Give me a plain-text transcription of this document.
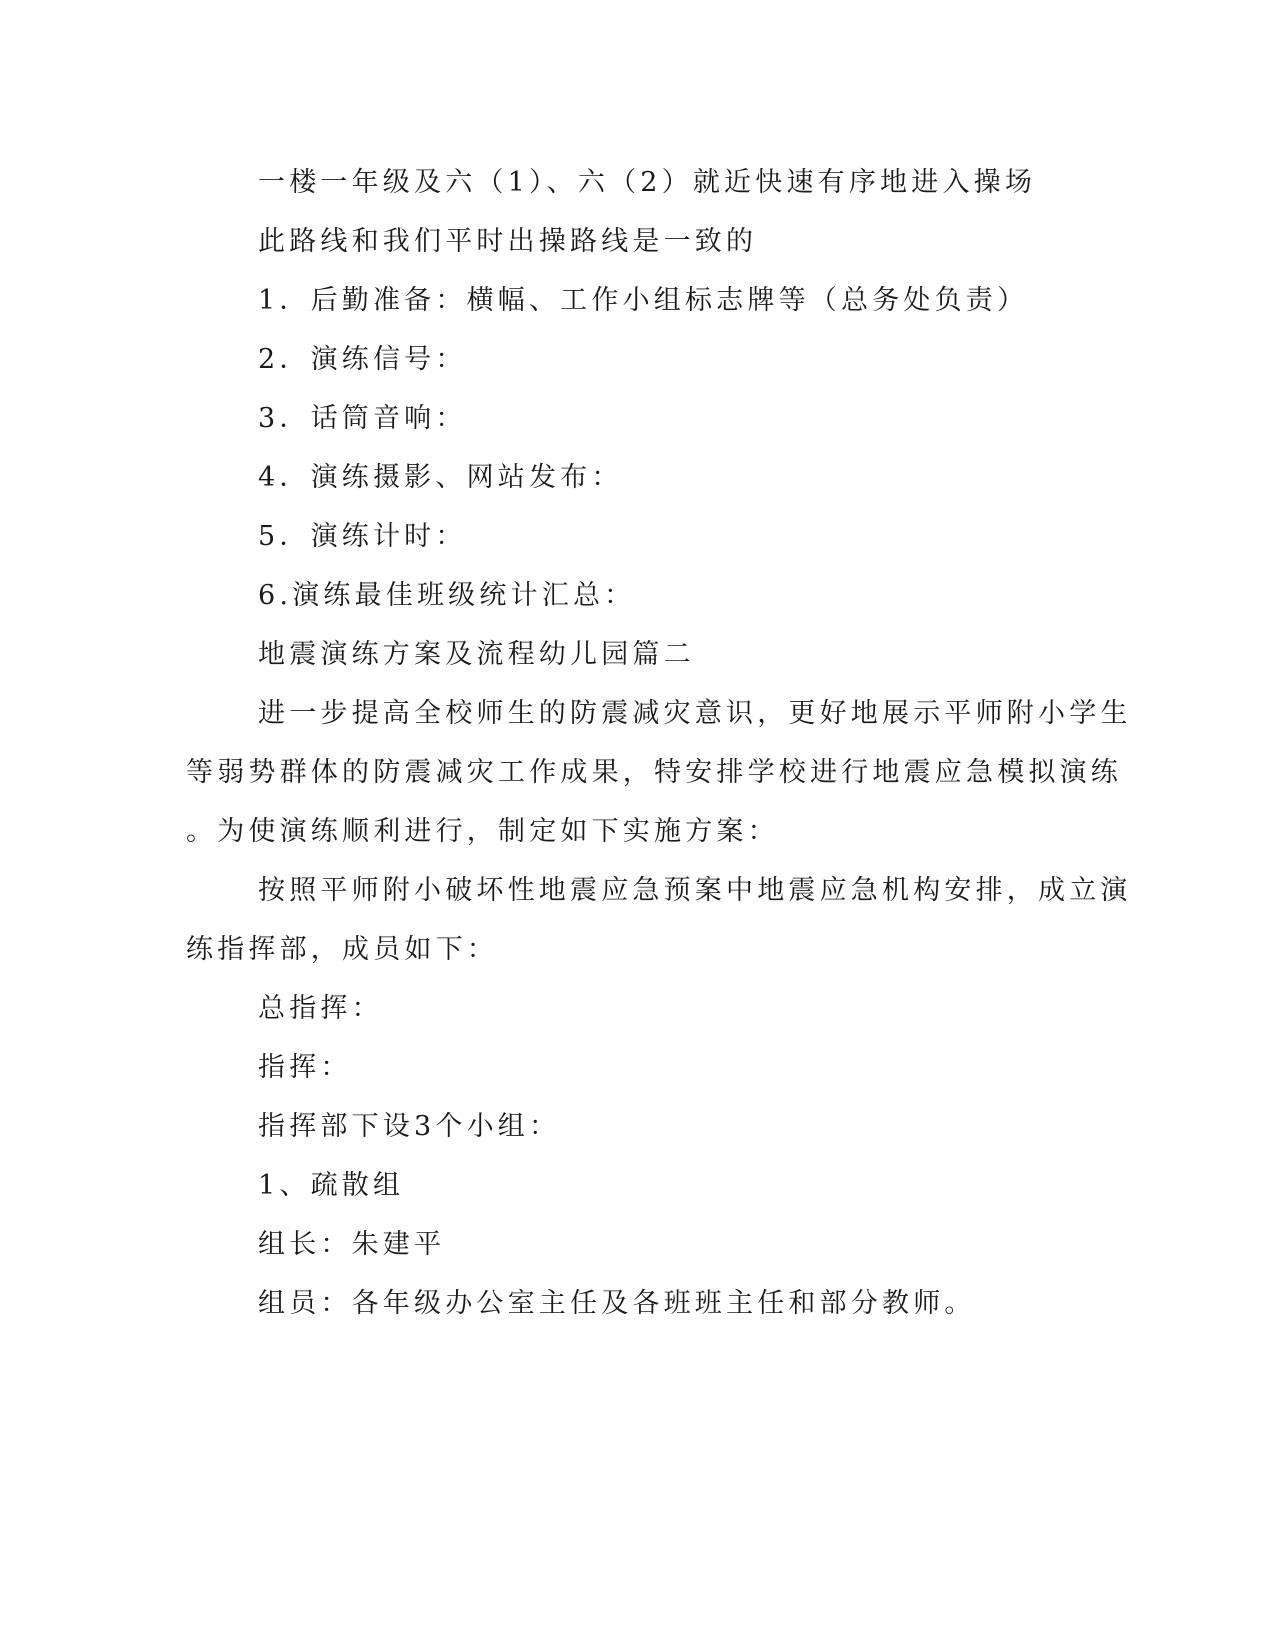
一楼一年级及六（1）、六（2）就近快速有序地进入操场
此路线和我们平时出操路线是一致的
1．后勤准备：横幅、工作小组标志牌等（总务处负责）
2．演练信号：
3．话筒音响：
4．演练摄影、网站发布：
5．演练计时：
6.演练最佳班级统计汇总：
地震演练方案及流程幼儿园篇二
进一步提高全校师生的防震减灾意识，更好地展示平师附小学生
等弱势群体的防震减灾工作成果，特安排学校进行地震应急模拟演练
。为使演练顺利进行，制定如下实施方案：
按照平师附小破坏性地震应急预案中地震应急机构安排，成立演
练指挥部，成员如下：
总指挥：
指挥：
指挥部下设3个小组：
1、疏散组
组长：朱建平
组员：各年级办公室主任及各班班主任和部分教师。
